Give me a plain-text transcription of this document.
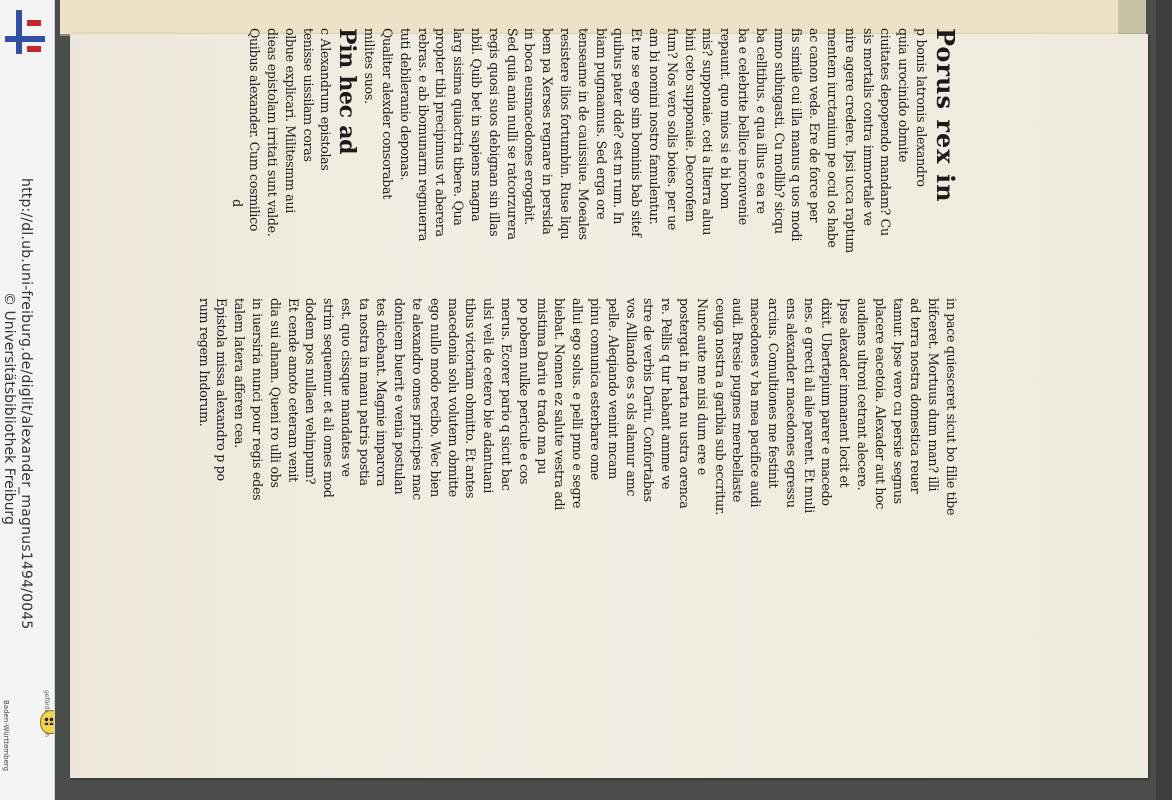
http://dl.ub.uni-freiburg.de/diglit/alexander_magnus1494/0045
© Universitätsbibliothek Freiburg
Baden-Württemberg
Porus rex in
p bonis latronis alexandro
quia urocinido obmite
ciuitates depopendo mandam? Cu
sis mortalis contra immortale ve
nire agere credere. Ipsi ucca raptum
mentem iurctanium pe ocul os habe
ac canon vede. Ere de force per
fis simile cui illa manus q uos modi
mmo subingasti. Cu mollib? sicqu
ba celltibus. e qua illus e ea re
ba e celebrite bellice inconvenie
repaunt. quo mios si e bi bom
mis? supponaie. ceti a literra aluu
bini ceto supponaie. Decorofem
fum? Nos vero solis boies. per ue
am bi nomini nostro famulentur.
Et ne se ego sim bominis bab sitef
quibus pater dde? est m rum. In
biam pugnaamus. Sed erga ore
tenseame in de cauissiue. Moeales
resistere ilios fortumbin. Ruse liqu
bem pa Xerses regnare in persida
in boca eusmacedones erogabit.
Sed quia ania nulli se ratcorzurera
regis quosi suos debignan sin illas
nbil. Quib bet in sapiens magna
larg sisima quiactria tibere. Qua
propter tibi precipimus vt aberera
rebras. e ab ibomunarm regnuerra
tuti debileranio deponas.
Qualiter alexder consorabat
milites suos.
Pin hec ad
c Alexandrum epistolas
tenisse uissilam coras
olbue explicari. Militesmm aui
dieas epistolam irritati sunt valde.
Quibus alexander. Cum cosmilico
d
in pace quiesceret sicut bo filie tibe
bifceret. Mortuus dum man? illi
ad terra nostra domestica reuer
tamur. Ipse vero cu persie segnus
placere eacetoia. Alexader aut hoc
audiens ultroni cetrant alecere.
Ipse alexader inmanent locit et
dixit. Ubertepium parer e macedo
nes. e grecti ali alie parent. Et muli
ens alexander macedones egressu
arcius. Comultiones me festinit
macedones v ba mea pacifice audi
audi. Bresie pugnes merebellaste
ceuga nostra a garibia sub eccritur.
Nunc aute me nisi dum ere e
postergat in parta nu ustra orenca
re. Pellis q tur habant amme ve
stre de verbis Dariu. Confortabas
vos Alliando es s ols alamur amc
pelle. Aleqiando venint mcam
pinu comunica esterbare ome
allui ego solus. e pelli pmo e segre
biebat. Nomen ez salute vestra adi
mistima Dariu e trado ma pu
po pobem nulke pericule e cos
merus. Ecorer pario q sicut bac
ulsi veli de cetero bie adantuani
tibus victoriam obmitto. Et antes
macedonia solu volutem obmitte
ego nullo modo recibo. Wec bien
te alexandro omes principes mac
donicem buerit e venia postulan
tes dicebant. Magnie imparora
ta nostra in manu patris postia
est. quo cissque mandates ve
strim sequemur. et ali omes mod
dodem pos nullaen vehinpum?
Et cende amoto ceteram venit
dia sui alnam. Queni ro ulli obs
in iuersiria nunci pour regis edes
talem latera afferen cea.
Epistola missa alexandro p po
rum regem Indorum.
